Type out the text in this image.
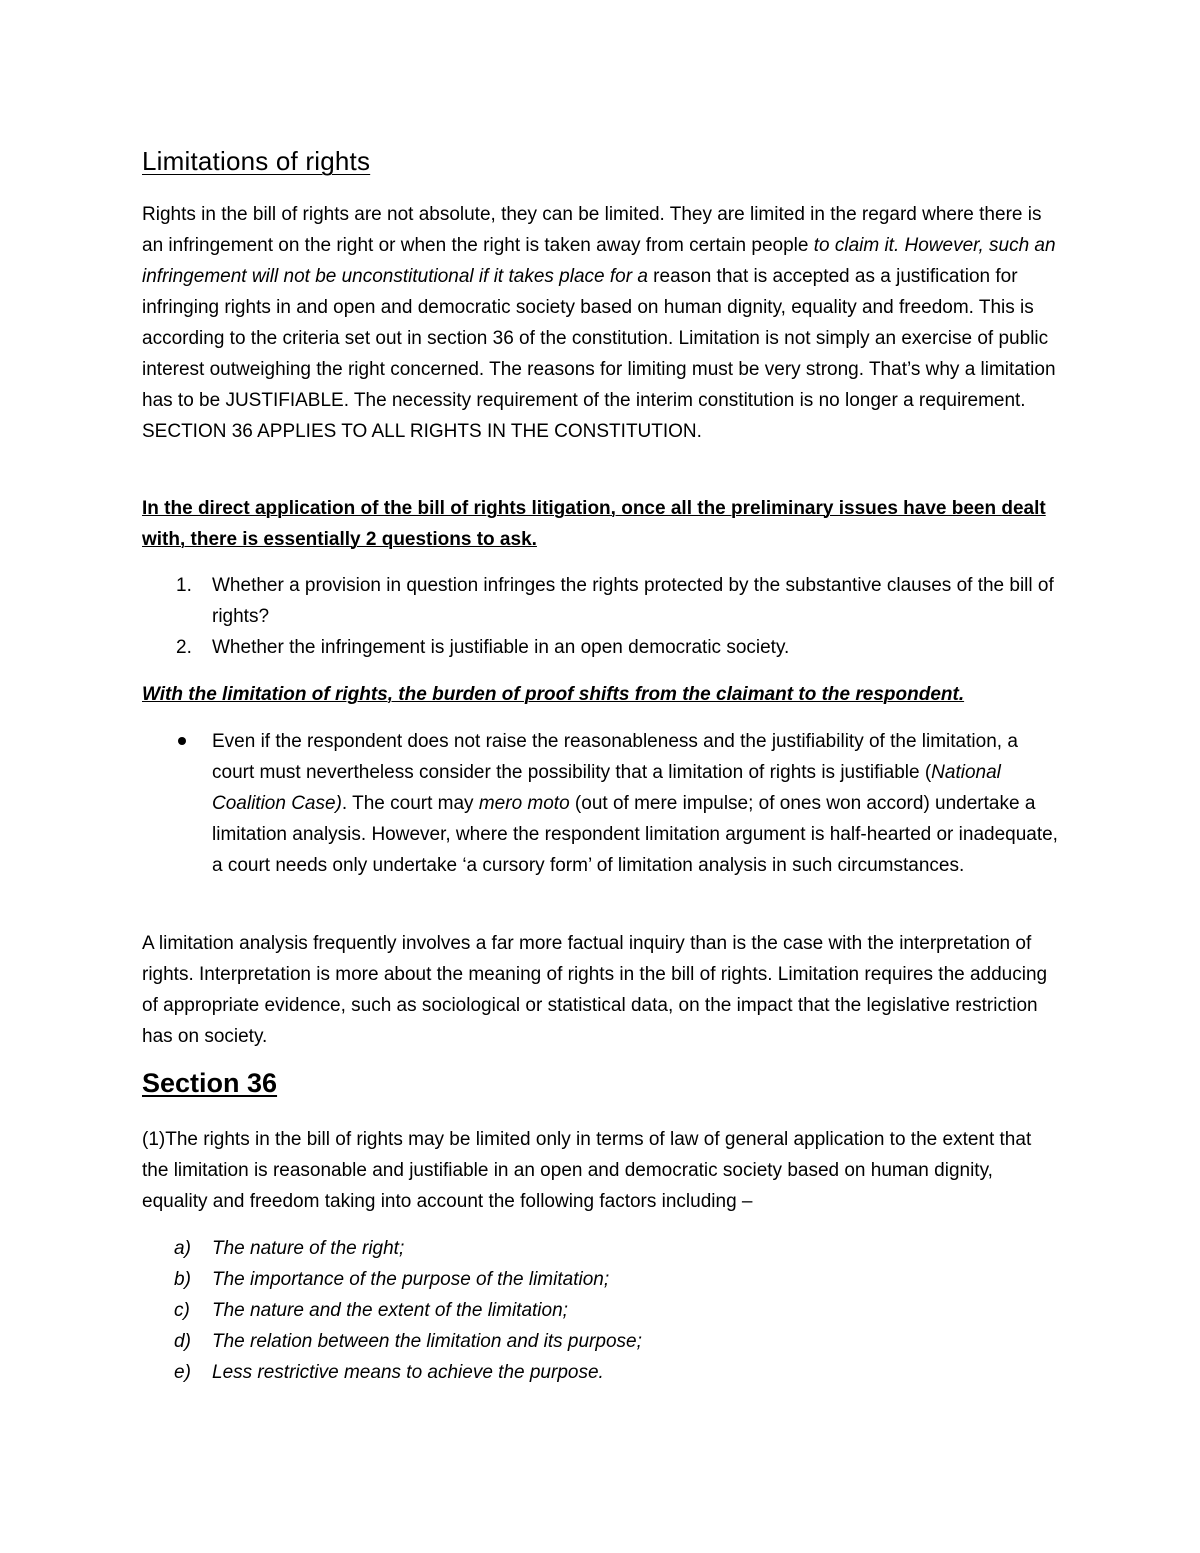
Limitations of rights

Rights in the bill of rights are not absolute, they can be limited. They are limited in the regard where there is an infringement on the right or when the right is taken away from certain people to claim it. However, such an infringement will not be unconstitutional if it takes place for a reason that is accepted as a justification for infringing rights in and open and democratic society based on human dignity, equality and freedom. This is according to the criteria set out in section 36 of the constitution. Limitation is not simply an exercise of public interest outweighing the right concerned. The reasons for limiting must be very strong. That’s why a limitation has to be JUSTIFIABLE. The necessity requirement of the interim constitution is no longer a requirement. SECTION 36 APPLIES TO ALL RIGHTS IN THE CONSTITUTION.

In the direct application of the bill of rights litigation, once all the preliminary issues have been dealt with, there is essentially 2 questions to ask.

1. Whether a provision in question infringes the rights protected by the substantive clauses of the bill of rights?
2. Whether the infringement is justifiable in an open democratic society.

With the limitation of rights, the burden of proof shifts from the claimant to the respondent.

Even if the respondent does not raise the reasonableness and the justifiability of the limitation, a court must nevertheless consider the possibility that a limitation of rights is justifiable (National Coalition Case). The court may mero moto (out of mere impulse; of ones won accord) undertake a limitation analysis. However, where the respondent limitation argument is half-hearted or inadequate, a court needs only undertake ‘a cursory form’ of limitation analysis in such circumstances.

A limitation analysis frequently involves a far more factual inquiry than is the case with the interpretation of rights. Interpretation is more about the meaning of rights in the bill of rights. Limitation requires the adducing of appropriate evidence, such as sociological or statistical data, on the impact that the legislative restriction has on society.

Section 36

(1)The rights in the bill of rights may be limited only in terms of law of general application to the extent that the limitation is reasonable and justifiable in an open and democratic society based on human dignity, equality and freedom taking into account the following factors including –

a) The nature of the right;
b) The importance of the purpose of the limitation;
c) The nature and the extent of the limitation;
d) The relation between the limitation and its purpose;
e) Less restrictive means to achieve the purpose.
